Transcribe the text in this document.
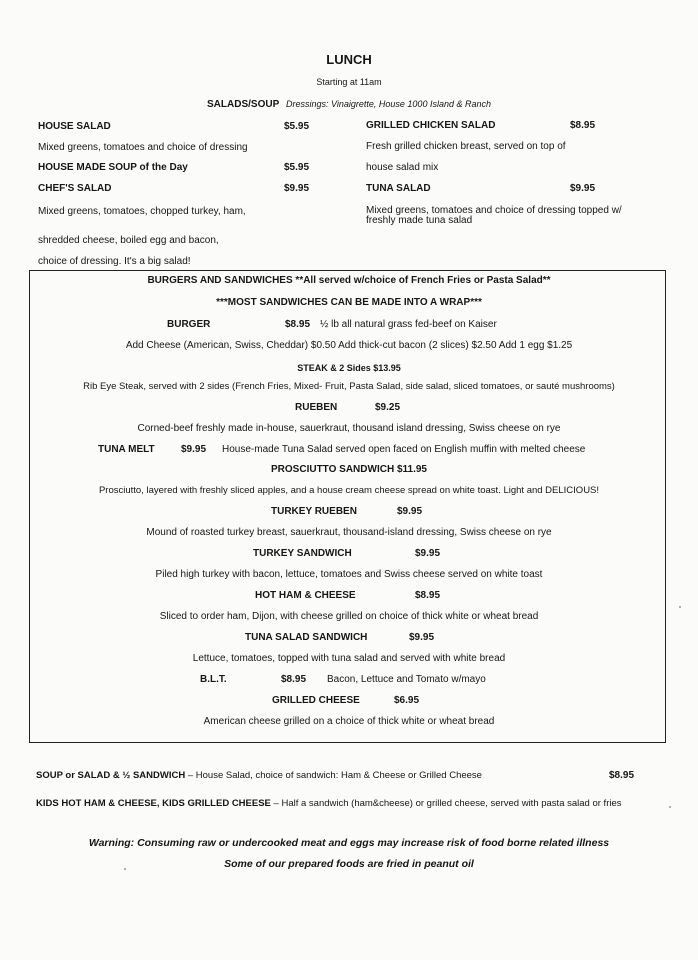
LUNCH
Starting at 11am
SALADS/SOUP Dressings: Vinaigrette, House 1000 Island & Ranch
HOUSE SALAD	$5.95
Mixed greens, tomatoes and choice of dressing
HOUSE MADE SOUP of the Day	$5.95
CHEF'S SALAD	$9.95
Mixed greens, tomatoes, chopped turkey, ham,
shredded cheese, boiled egg and bacon,
choice of dressing. It's a big salad!
GRILLED CHICKEN SALAD	$8.95
Fresh grilled chicken breast, served on top of
house salad mix
TUNA SALAD	$9.95
Mixed greens, tomatoes and choice of dressing topped w/
freshly made tuna salad
BURGERS AND SANDWICHES **All served w/choice of French Fries or Pasta Salad**
***MOST SANDWICHES CAN BE MADE INTO A WRAP***
BURGER	$8.95 ½ lb all natural grass fed-beef on Kaiser
Add Cheese (American, Swiss, Cheddar) $0.50 Add thick-cut bacon (2 slices) $2.50 Add 1 egg $1.25
STEAK & 2 Sides $13.95
Rib Eye Steak, served with 2 sides (French Fries, Mixed- Fruit, Pasta Salad, side salad, sliced tomatoes, or sauté mushrooms)
RUEBEN	$9.25
Corned-beef freshly made in-house, sauerkraut, thousand island dressing, Swiss cheese on rye
TUNA MELT	$9.95 House-made Tuna Salad served open faced on English muffin with melted cheese
PROSCIUTTO SANDWICH $11.95
Prosciutto, layered with freshly sliced apples, and a house cream cheese spread on white toast. Light and DELICIOUS!
TURKEY RUEBEN	$9.95
Mound of roasted turkey breast, sauerkraut, thousand-island dressing, Swiss cheese on rye
TURKEY SANDWICH	$9.95
Piled high turkey with bacon, lettuce, tomatoes and Swiss cheese served on white toast
HOT HAM & CHEESE	$8.95
Sliced to order ham, Dijon, with cheese grilled on choice of thick white or wheat bread
TUNA SALAD SANDWICH	$9.95
Lettuce, tomatoes, topped with tuna salad and served with white bread
B.L.T.	$8.95 Bacon, Lettuce and Tomato w/mayo
GRILLED CHEESE	$6.95
American cheese grilled on a choice of thick white or wheat bread
SOUP or SALAD & ½ SANDWICH – House Salad, choice of sandwich: Ham & Cheese or Grilled Cheese	$8.95
KIDS HOT HAM & CHEESE, KIDS GRILLED CHEESE – Half a sandwich (ham&cheese) or grilled cheese, served with pasta salad or fries
Warning: Consuming raw or undercooked meat and eggs may increase risk of food borne related illness
Some of our prepared foods are fried in peanut oil
